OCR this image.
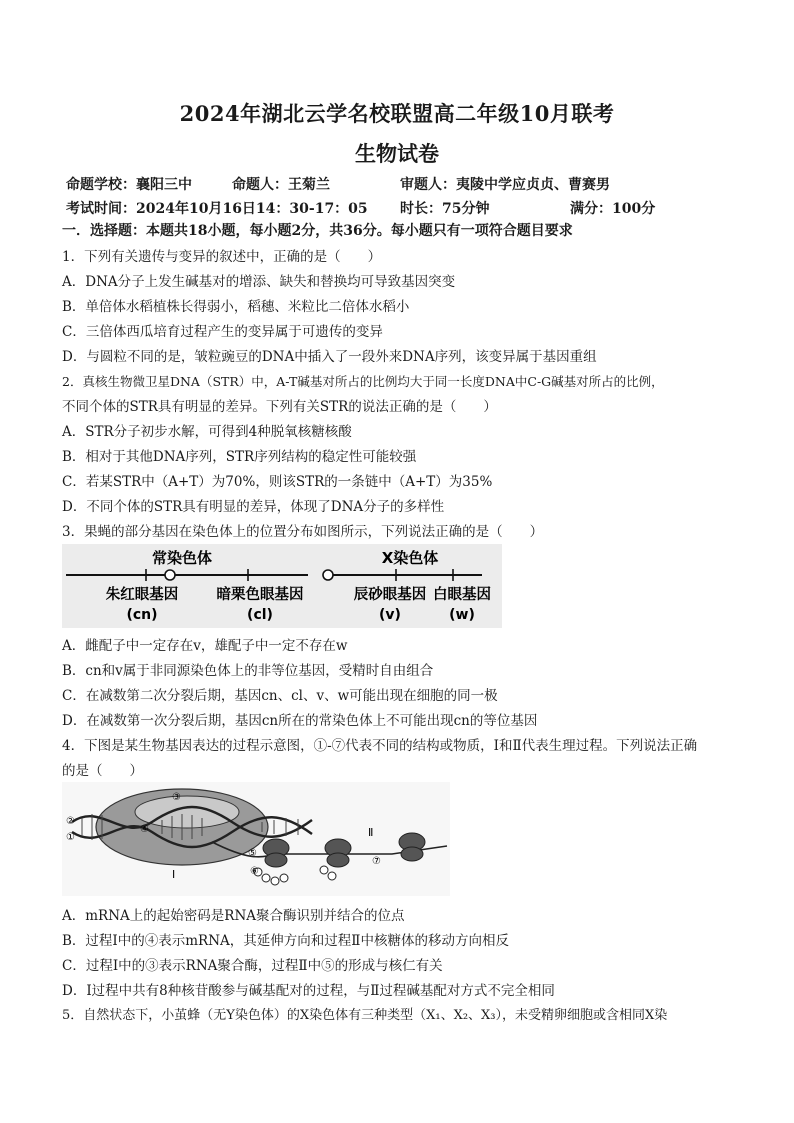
2024年湖北云学名校联盟高二年级10月联考
生物试卷
命题学校：襄阳三中	命题人：王菊兰	审题人：夷陵中学应贞贞、曹赛男
考试时间：2024年10月16日14：30-17：05 时长：75分钟	满分：100分
一．选择题：本题共18小题，每小题2分，共36分。每小题只有一项符合题目要求
1．下列有关遗传与变异的叙述中，正确的是（　　）
A．DNA分子上发生碱基对的增添、缺失和替换均可导致基因突变
B．单倍体水稻植株长得弱小，稻穗、米粒比二倍体水稻小
C．三倍体西瓜培育过程产生的变异属于可遗传的变异
D．与圆粒不同的是，皱粒豌豆的DNA中插入了一段外来DNA序列，该变异属于基因重组
2．真核生物微卫星DNA（STR）中，A-T碱基对所占的比例均大于同一长度DNA中C-G碱基对所占的比例，
不同个体的STR具有明显的差异。下列有关STR的说法正确的是（　　）
A．STR分子初步水解，可得到4种脱氧核糖核酸
B．相对于其他DNA序列，STR序列结构的稳定性可能较强
C．若某STR中（A+T）为70%，则该STR的一条链中（A+T）为35%
D．不同个体的STR具有明显的差异，体现了DNA分子的多样性
3．果蝇的部分基因在染色体上的位置分布如图所示，下列说法正确的是（　　）
常染色体	X染色体
朱红眼基因
(cn)
暗栗色眼基因
(cl)
辰砂眼基因
(v)
白眼基因
(w)
A．雌配子中一定存在v，雄配子中一定不存在w
B．cn和v属于非同源染色体上的非等位基因，受精时自由组合
C．在减数第二次分裂后期，基因cn、cl、v、w可能出现在细胞的同一极
D．在减数第一次分裂后期，基因cn所在的常染色体上不可能出现cn的等位基因
4．下图是某生物基因表达的过程示意图，①-⑦代表不同的结构或物质，Ⅰ和Ⅱ代表生理过程。下列说法正确
的是（　　）
②
①
③
④
⑤
⑥
⑦
Ⅰ
Ⅱ
A．mRNA上的起始密码是RNA聚合酶识别并结合的位点
B．过程Ⅰ中的④表示mRNA，其延伸方向和过程Ⅱ中核糖体的移动方向相反
C．过程Ⅰ中的③表示RNA聚合酶，过程Ⅱ中⑤的形成与核仁有关
D．Ⅰ过程中共有8种核苷酸参与碱基配对的过程，与Ⅱ过程碱基配对方式不完全相同
5．自然状态下，小茧蜂（无Y染色体）的X染色体有三种类型（X₁、X₂、X₃），未受精卵细胞或含相同X染
